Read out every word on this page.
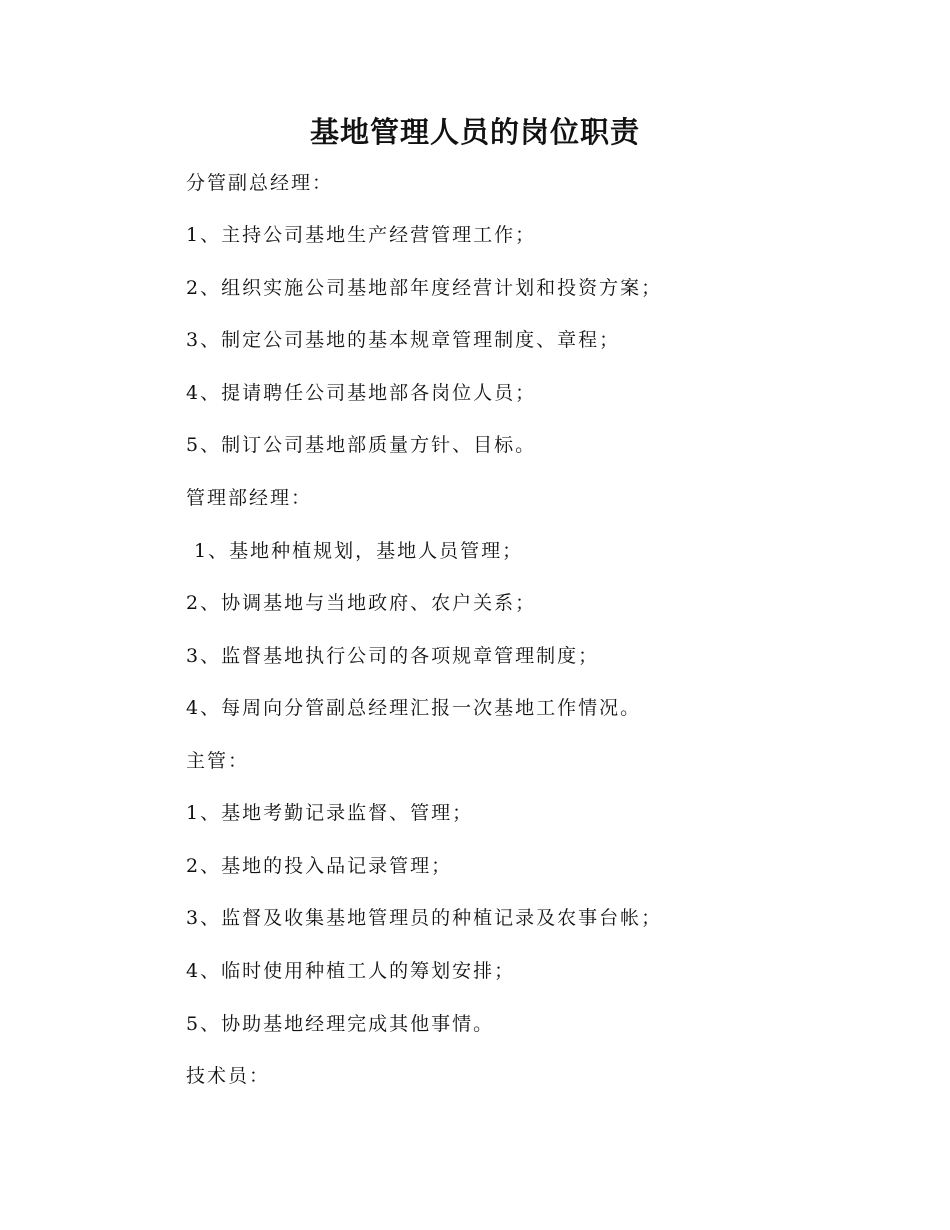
基地管理人员的岗位职责

分管副总经理：

1、主持公司基地生产经营管理工作；

2、组织实施公司基地部年度经营计划和投资方案；

3、制定公司基地的基本规章管理制度、章程；

4、提请聘任公司基地部各岗位人员；

5、制订公司基地部质量方针、目标。

管理部经理：

1、基地种植规划，基地人员管理；

2、协调基地与当地政府、农户关系；

3、监督基地执行公司的各项规章管理制度；

4、每周向分管副总经理汇报一次基地工作情况。

主管：

1、基地考勤记录监督、管理；

2、基地的投入品记录管理；

3、监督及收集基地管理员的种植记录及农事台帐；

4、临时使用种植工人的筹划安排；

5、协助基地经理完成其他事情。

技术员：
